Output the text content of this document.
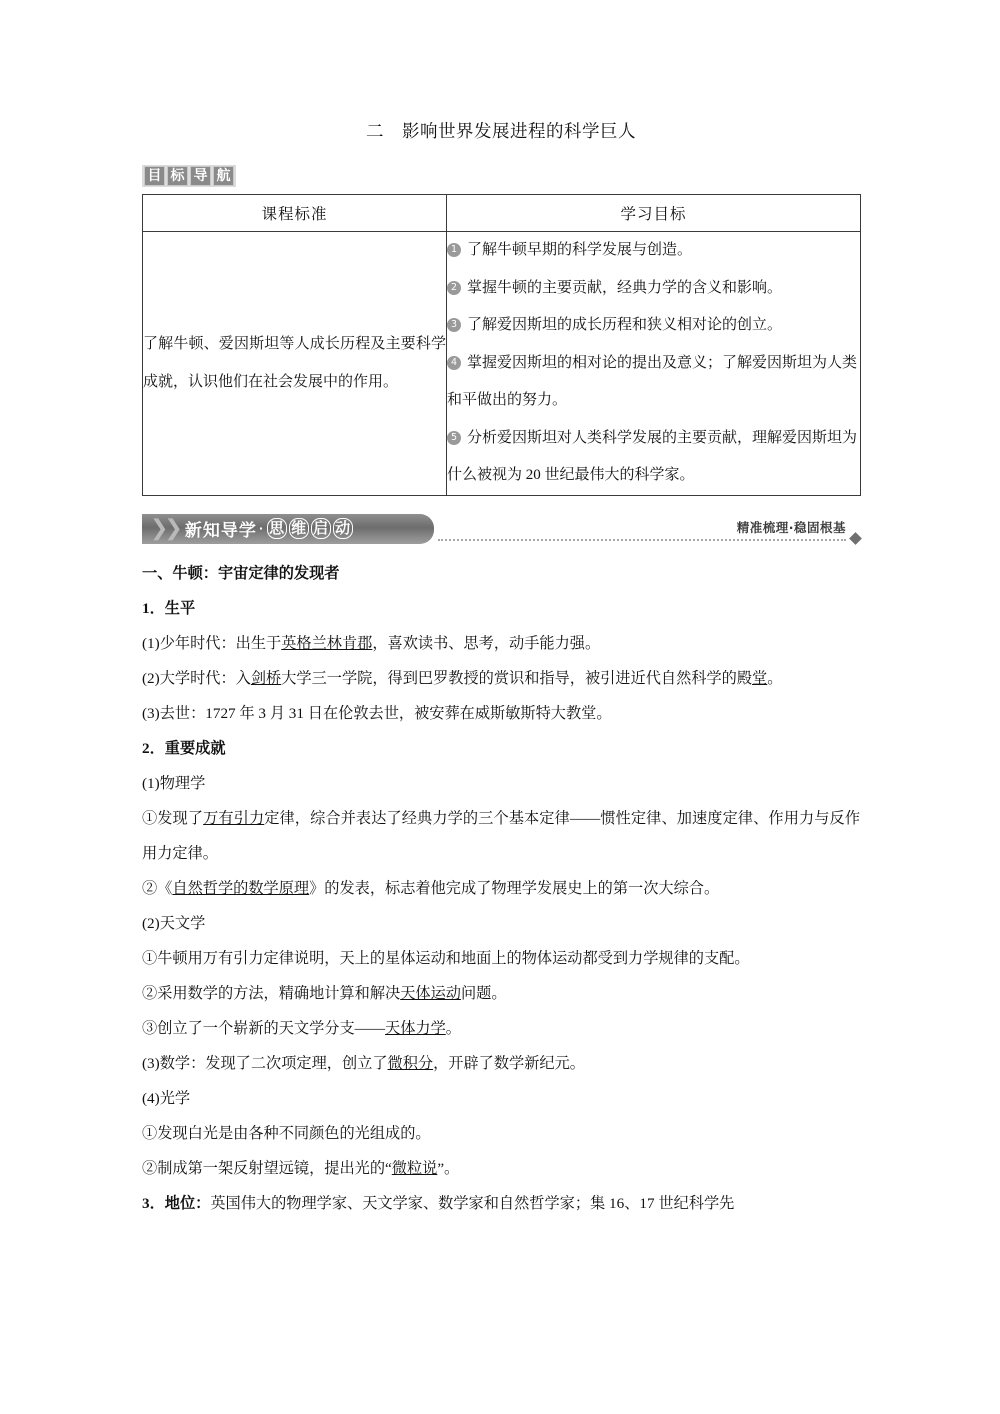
二 影响世界发展进程的科学巨人
目 标 导 航
课程标准	学习目标
了解牛顿、爱因斯坦等人成长历程及主要科学成就，认识他们在社会发展中的作用。	1 了解牛顿早期的科学发展与创造。
2 掌握牛顿的主要贡献，经典力学的含义和影响。
3 了解爱因斯坦的成长历程和狭义相对论的创立。
4 掌握爱因斯坦的相对论的提出及意义；了解爱因斯坦为人类和平做出的努力。
5 分析爱因斯坦对人类科学发展的主要贡献，理解爱因斯坦为什么被视为 20 世纪最伟大的科学家。
❯❯ 新知导学 · 思 维 启 动	精准梳理·稳固根基

一、牛顿：宇宙定律的发现者

1．生平

(1)少年时代：出生于英格兰林肯郡，喜欢读书、思考，动手能力强。

(2)大学时代：入剑桥大学三一学院，得到巴罗教授的赏识和指导，被引进近代自然科学的殿堂。

(3)去世：1727 年 3 月 31 日在伦敦去世，被安葬在威斯敏斯特大教堂。

2．重要成就

(1)物理学

①发现了万有引力定律，综合并表达了经典力学的三个基本定律——惯性定律、加速度定律、作用力与反作用力定律。

②《自然哲学的数学原理》的发表，标志着他完成了物理学发展史上的第一次大综合。

(2)天文学

①牛顿用万有引力定律说明，天上的星体运动和地面上的物体运动都受到力学规律的支配。

②采用数学的方法，精确地计算和解决天体运动问题。

③创立了一个崭新的天文学分支——天体力学。

(3)数学：发现了二次项定理，创立了微积分，开辟了数学新纪元。

(4)光学

①发现白光是由各种不同颜色的光组成的。

②制成第一架反射望远镜，提出光的“微粒说”。

3．地位：英国伟大的物理学家、天文学家、数学家和自然哲学家；集 16、17 世纪科学先
